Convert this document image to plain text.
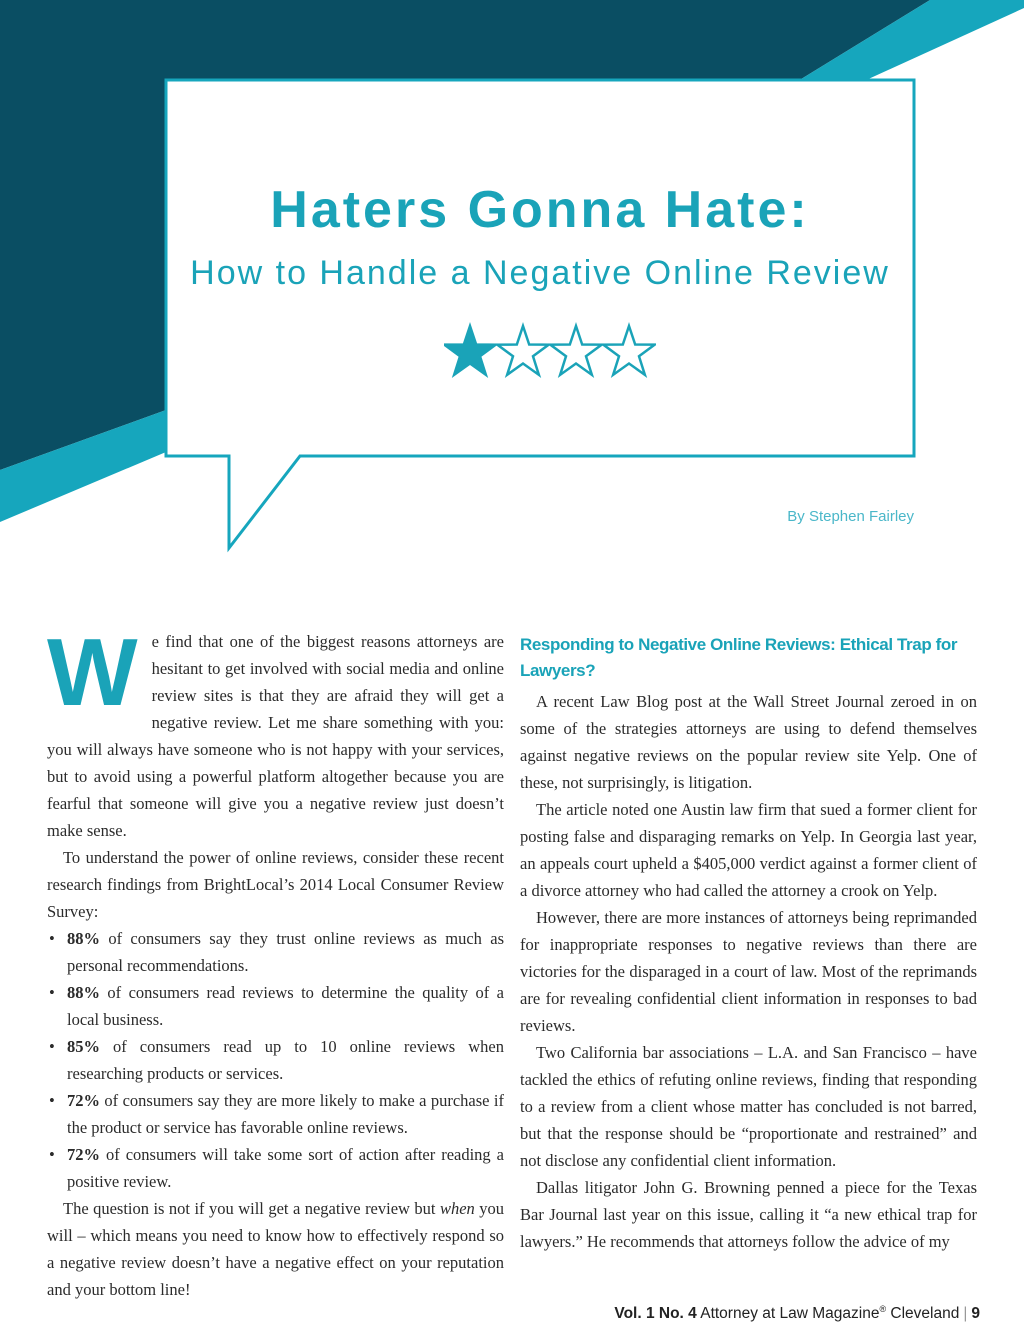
Haters Gonna Hate:
How to Handle a Negative Online Review
By Stephen Fairley
W e find that one of the biggest reasons attorneys are hesitant to get involved with social media and online review sites is that they are afraid they will get a negative review. Let me share something with you: you will always have someone who is not happy with your services, but to avoid using a powerful platform altogether because you are fearful that someone will give you a negative review just doesn’t make sense.

To understand the power of online reviews, consider these recent research findings from BrightLocal’s 2014 Local Consumer Review Survey:

• 88% of consumers say they trust online reviews as much as personal recommendations.
• 88% of consumers read reviews to determine the quality of a local business.
• 85% of consumers read up to 10 online reviews when researching products or services.
• 72% of consumers say they are more likely to make a purchase if the product or service has favorable online reviews.
• 72% of consumers will take some sort of action after reading a positive review.

The question is not if you will get a negative review but when you will – which means you need to know how to effectively respond so a negative review doesn’t have a negative effect on your reputation and your bottom line!

Responding to Negative Online Reviews: Ethical Trap for Lawyers?

A recent Law Blog post at the Wall Street Journal zeroed in on some of the strategies attorneys are using to defend themselves against negative reviews on the popular review site Yelp. One of these, not surprisingly, is litigation.

The article noted one Austin law firm that sued a former client for posting false and disparaging remarks on Yelp. In Georgia last year, an appeals court upheld a $405,000 verdict against a former client of a divorce attorney who had called the attorney a crook on Yelp.

However, there are more instances of attorneys being reprimanded for inappropriate responses to negative reviews than there are victories for the disparaged in a court of law. Most of the reprimands are for revealing confidential client information in responses to bad reviews.

Two California bar associations – L.A. and San Francisco – have tackled the ethics of refuting online reviews, finding that responding to a review from a client whose matter has concluded is not barred, but that the response should be “proportionate and restrained” and not disclose any confidential client information.

Dallas litigator John G. Browning penned a piece for the Texas Bar Journal last year on this issue, calling it “a new ethical trap for lawyers.” He recommends that attorneys follow the advice of my

Vol. 1 No. 4 Attorney at Law Magazine® Cleveland | 9
